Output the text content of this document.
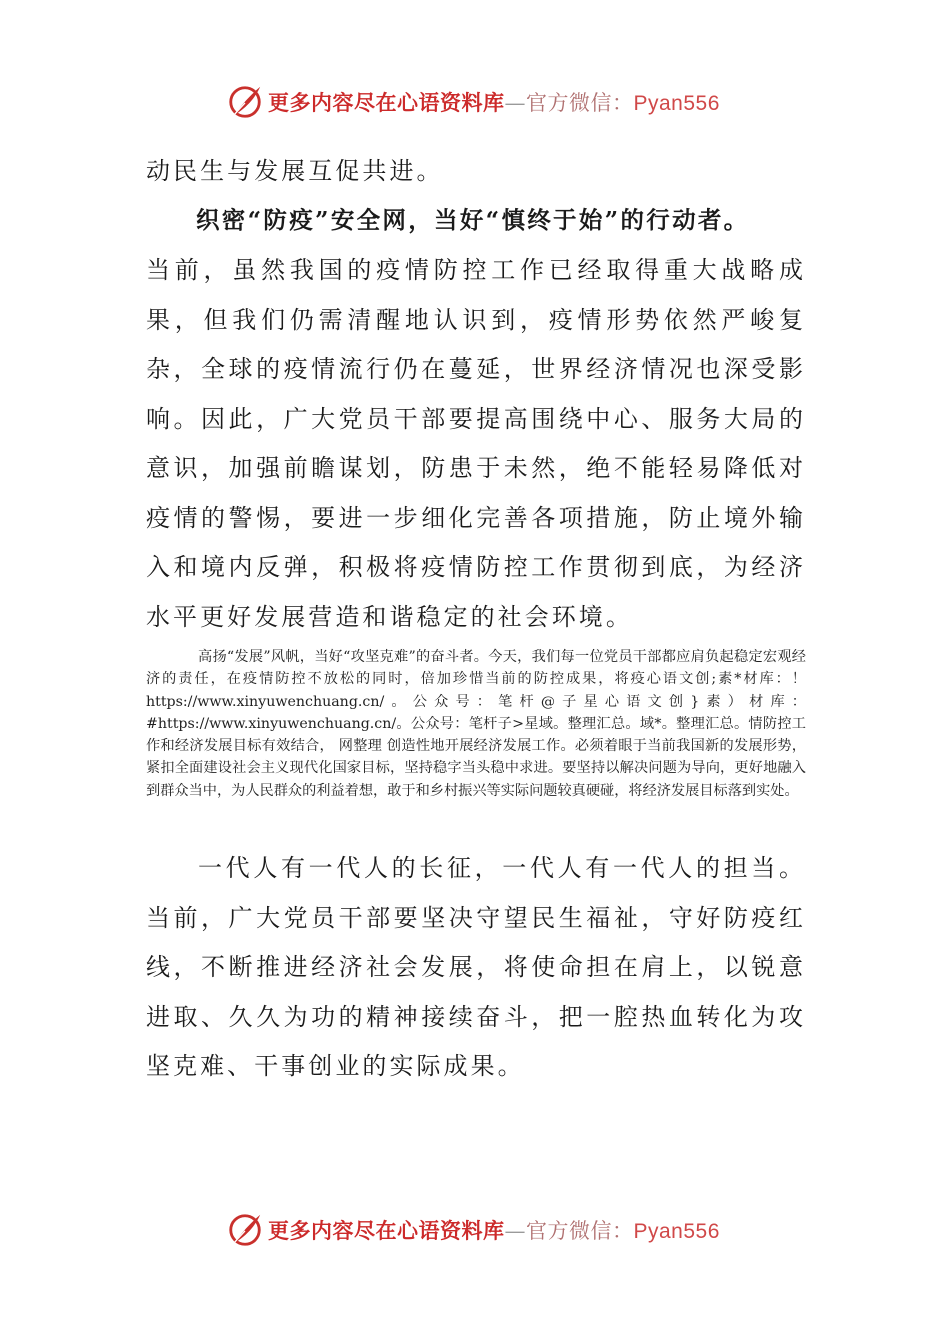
更多内容尽在心语资料库—官方微信：Pyan556

动民生与发展互促共进。

织密“防疫”安全网，当好“慎终于始”的行动者。

当前，虽然我国的疫情防控工作已经取得重大战略成果，但我们仍需清醒地认识到，疫情形势依然严峻复杂，全球的疫情流行仍在蔓延，世界经济情况也深受影响。因此，广大党员干部要提高围绕中心、服务大局的意识，加强前瞻谋划，防患于未然，绝不能轻易降低对疫情的警惕，要进一步细化完善各项措施，防止境外输入和境内反弹，积极将疫情防控工作贯彻到底，为经济水平更好发展营造和谐稳定的社会环境。

高扬“发展”风帆，当好“攻坚克难”的奋斗者。今天，我们每一位党员干部都应肩负起稳定宏观经济的责任，在疫情防控不放松的同时，倍加珍惜当前的防控成果，将疫心语文创;素*材库：！ https://www.xinyuwenchuang.cn/。公众号：笔杆@子星心语文创}素）材库：#https://www.xinyuwenchuang.cn/。公众号：笔杆子>星域。整理汇总。域*。整理汇总。情防控工作和经济发展目标有效结合， 网整理 创造性地开展经济发展工作。必须着眼于当前我国新的发展形势，紧扣全面建设社会主义现代化国家目标，坚持稳字当头稳中求进。要坚持以解决问题为导向，更好地融入到群众当中，为人民群众的利益着想，敢于和乡村振兴等实际问题较真硬碰，将经济发展目标落到实处。

一代人有一代人的长征，一代人有一代人的担当。当前，广大党员干部要坚决守望民生福祉，守好防疫红线，不断推进经济社会发展，将使命担在肩上，以锐意进取、久久为功的精神接续奋斗，把一腔热血转化为攻坚克难、干事创业的实际成果。

更多内容尽在心语资料库—官方微信：Pyan556
